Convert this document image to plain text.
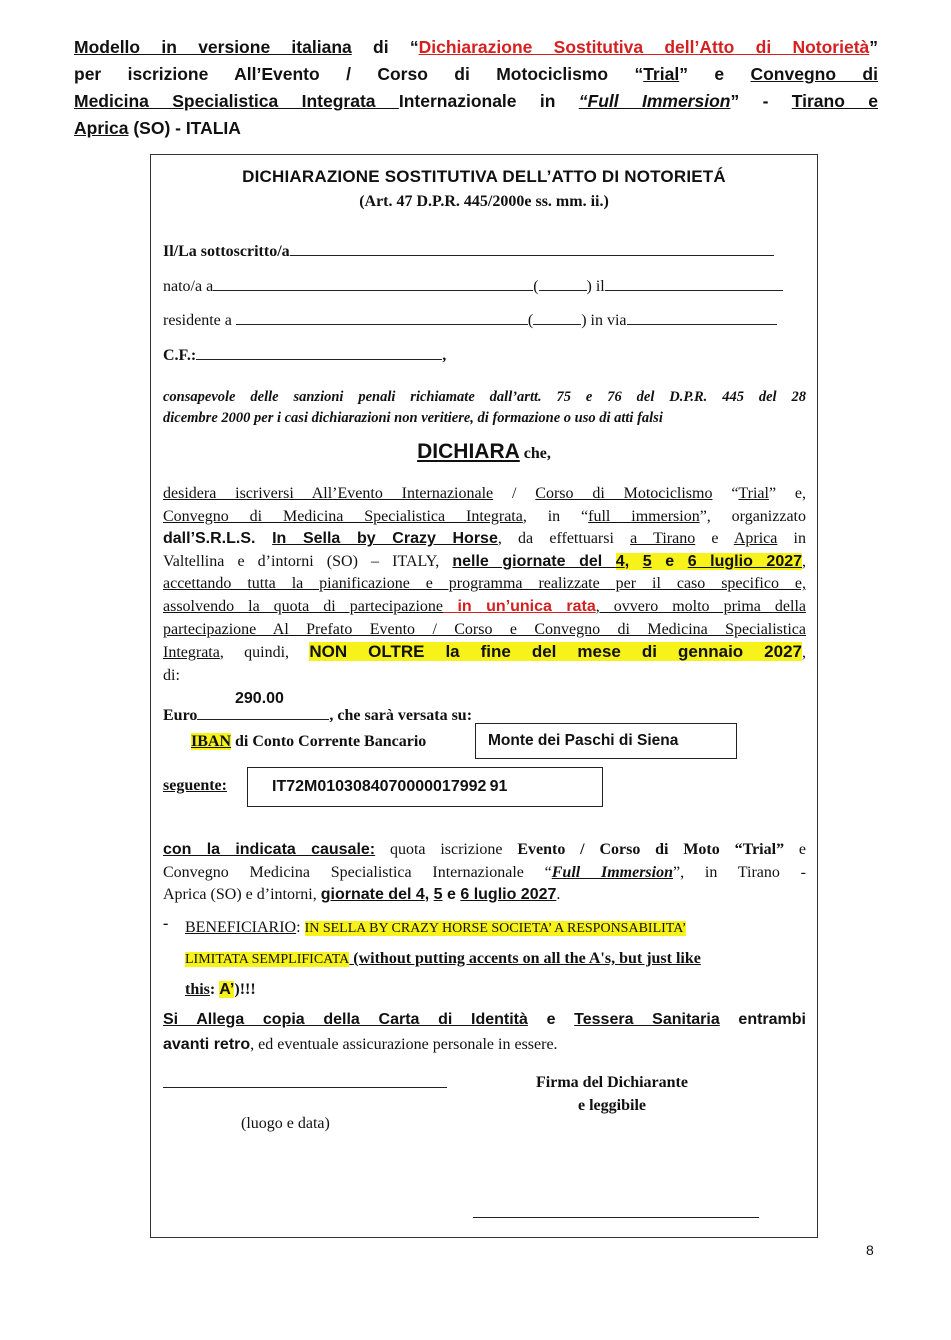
Modello in versione italiana di “Dichiarazione Sostitutiva dell’Atto di Notorietà”
per iscrizione All’Evento / Corso di Motociclismo “Trial” e Convegno di
Medicina Specialistica Integrata Internazionale in “Full Immersion” - Tirano e
Aprica (SO) - ITALIA
DICHIARAZIONE SOSTITUTIVA DELL’ATTO DI NOTORIETÁ
(Art. 47 D.P.R. 445/2000e ss. mm. ii.)
Il/La sottoscritto/a
nato/a a	(	) il
residente a	(	) in via
C.F.:	,
consapevole delle sanzioni penali richiamate dall’artt. 75 e 76 del D.P.R. 445 del 28
dicembre 2000 per i casi dichiarazioni non veritiere, di formazione o uso di atti falsi
DICHIARA che,
desidera iscriversi All’Evento Internazionale / Corso di Motociclismo “Trial” e,
Convegno di Medicina Specialistica Integrata, in “full immersion”, organizzato
dall’S.R.L.S. In Sella by Crazy Horse, da effettuarsi a Tirano e Aprica in
Valtellina e d’intorni (SO) – ITALY, nelle giornate del 4, 5 e 6 luglio 2027,
accettando tutta la pianificazione e programma realizzate per il caso specifico e,
assolvendo la quota di partecipazione in un’unica rata, ovvero molto prima della
partecipazione Al Prefato Evento / Corso e Convegno di Medicina Specialistica
Integrata, quindi, NON OLTRE la fine del mese di gennaio 2027,
di:
290.00
Euro	, che sarà versata su:
IBAN di Conto Corrente Bancario	Monte dei Paschi di Siena
seguente:	IT72M0103084070000017992 91
con la indicata causale: quota iscrizione Evento / Corso di Moto “Trial” e
Convegno Medicina Specialistica Internazionale “Full Immersion”, in Tirano -
Aprica (SO) e d’intorni, giornate del 4, 5 e 6 luglio 2027.
- BENEFICIARIO: IN SELLA BY CRAZY HORSE SOCIETA’ A RESPONSABILITA’
LIMITATA SEMPLIFICATA (without putting accents on all the A's, but just like
this: A’)!!!
Si Allega copia della Carta di Identità e Tessera Sanitaria entrambi
avanti retro, ed eventuale assicurazione personale in essere.
(luogo e data)
Firma del Dichiarante
e leggibile
8
